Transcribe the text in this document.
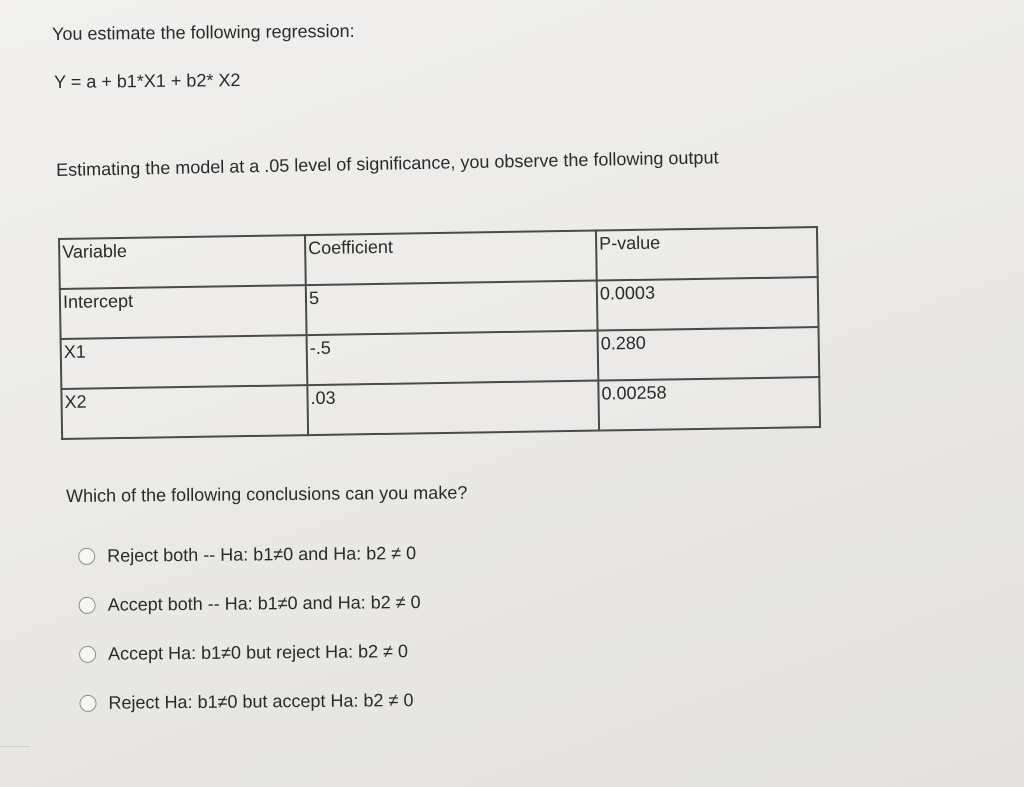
You estimate the following regression:
Y = a + b1*X1 + b2* X2
Estimating the model at a .05 level of significance, you observe the following output
Variable	Coefficient	P-value
Intercept	5	0.0003
X1	-.5	0.280
X2	.03	0.00258
Which of the following conclusions can you make?
Reject both -- Ha: b1≠0 and Ha: b2 ≠ 0
Accept both -- Ha: b1≠0 and Ha: b2 ≠ 0
Accept Ha: b1≠0 but reject Ha: b2 ≠ 0
Reject Ha: b1≠0 but accept Ha: b2 ≠ 0
